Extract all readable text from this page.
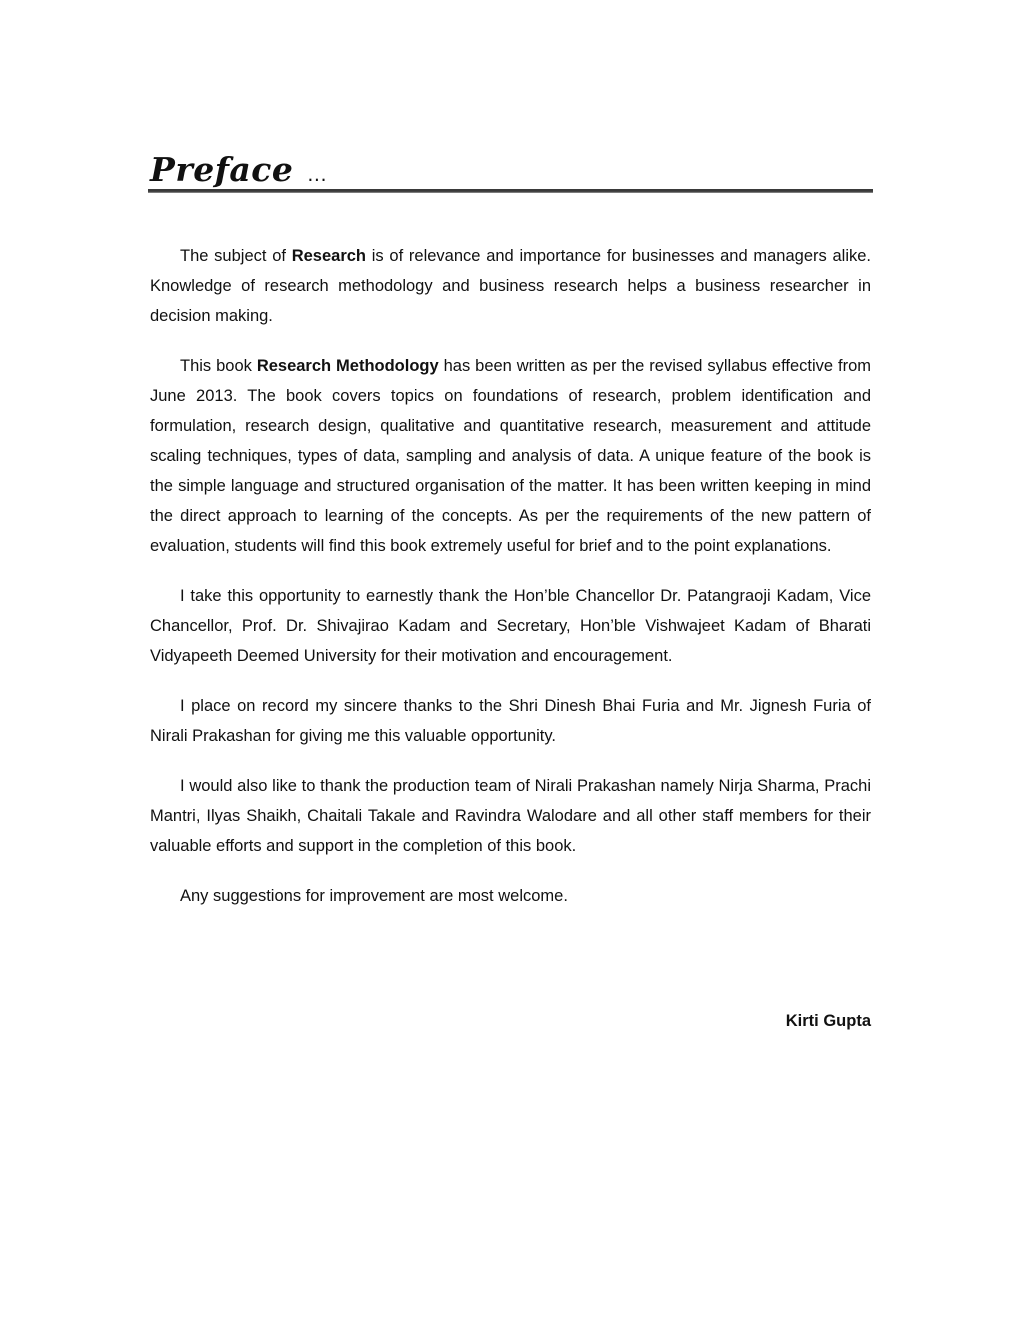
Preface ...

The subject of Research is of relevance and importance for businesses and managers alike. Knowledge of research methodology and business research helps a business researcher in decision making.

This book Research Methodology has been written as per the revised syllabus effective from June 2013. The book covers topics on foundations of research, problem identification and formulation, research design, qualitative and quantitative research, measurement and attitude scaling techniques, types of data, sampling and analysis of data. A unique feature of the book is the simple language and structured organisation of the matter. It has been written keeping in mind the direct approach to learning of the concepts. As per the requirements of the new pattern of evaluation, students will find this book extremely useful for brief and to the point explanations.

I take this opportunity to earnestly thank the Hon’ble Chancellor Dr. Patangraoji Kadam, Vice Chancellor, Prof. Dr. Shivajirao Kadam and Secretary, Hon’ble Vishwajeet Kadam of Bharati Vidyapeeth Deemed University for their motivation and encouragement.

I place on record my sincere thanks to the Shri Dinesh Bhai Furia and Mr. Jignesh Furia of Nirali Prakashan for giving me this valuable opportunity.

I would also like to thank the production team of Nirali Prakashan namely Nirja Sharma, Prachi Mantri, Ilyas Shaikh, Chaitali Takale and Ravindra Walodare and all other staff members for their valuable efforts and support in the completion of this book.

Any suggestions for improvement are most welcome.

Kirti Gupta
